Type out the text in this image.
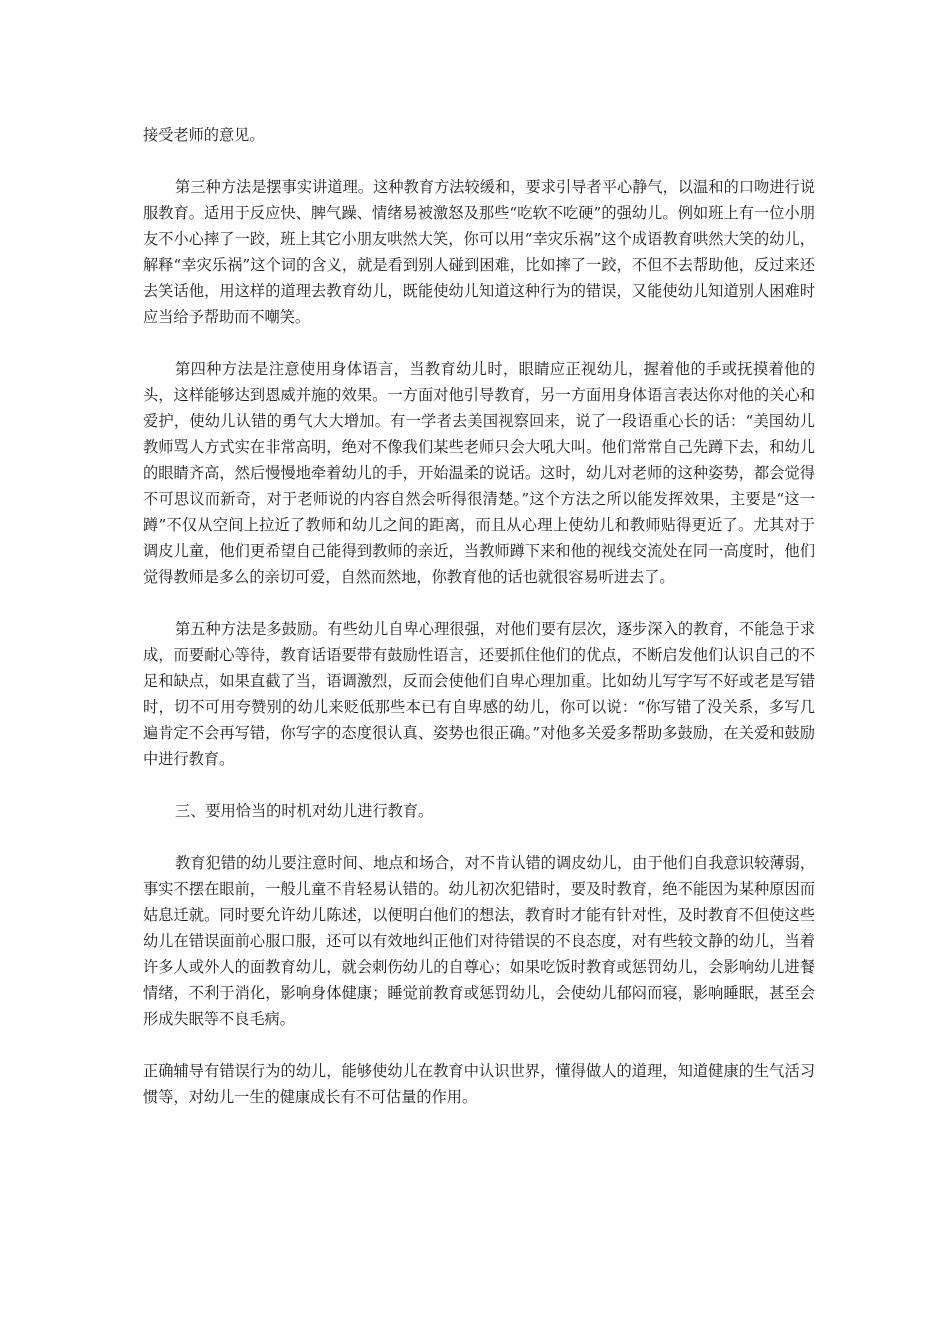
接受老师的意见。

第三种方法是摆事实讲道理。这种教育方法较缓和，要求引导者平心静气，以温和的口吻进行说服教育。适用于反应快、脾气躁、情绪易被激怒及那些“吃软不吃硬”的强幼儿。例如班上有一位小朋友不小心摔了一跤，班上其它小朋友哄然大笑，你可以用“幸灾乐祸”这个成语教育哄然大笑的幼儿，解释“幸灾乐祸”这个词的含义，就是看到别人碰到困难，比如摔了一跤，不但不去帮助他，反过来还去笑话他，用这样的道理去教育幼儿，既能使幼儿知道这种行为的错误，又能使幼儿知道别人困难时应当给予帮助而不嘲笑。

第四种方法是注意使用身体语言，当教育幼儿时，眼睛应正视幼儿，握着他的手或抚摸着他的头，这样能够达到恩威并施的效果。一方面对他引导教育，另一方面用身体语言表达你对他的关心和爱护，使幼儿认错的勇气大大增加。有一学者去美国视察回来，说了一段语重心长的话：“美国幼儿教师骂人方式实在非常高明，绝对不像我们某些老师只会大吼大叫。他们常常自己先蹲下去，和幼儿的眼睛齐高，然后慢慢地牵着幼儿的手，开始温柔的说话。这时，幼儿对老师的这种姿势，都会觉得不可思议而新奇，对于老师说的内容自然会听得很清楚。”这个方法之所以能发挥效果，主要是“这一蹲”不仅从空间上拉近了教师和幼儿之间的距离，而且从心理上使幼儿和教师贴得更近了。尤其对于调皮儿童，他们更希望自己能得到教师的亲近，当教师蹲下来和他的视线交流处在同一高度时，他们觉得教师是多么的亲切可爱，自然而然地，你教育他的话也就很容易听进去了。

第五种方法是多鼓励。有些幼儿自卑心理很强，对他们要有层次，逐步深入的教育，不能急于求成，而要耐心等待，教育话语要带有鼓励性语言，还要抓住他们的优点，不断启发他们认识自己的不足和缺点，如果直截了当，语调激烈，反而会使他们自卑心理加重。比如幼儿写字写不好或老是写错时，切不可用夸赞别的幼儿来贬低那些本已有自卑感的幼儿，你可以说：“你写错了没关系，多写几遍肯定不会再写错，你写字的态度很认真、姿势也很正确。”对他多关爱多帮助多鼓励，在关爱和鼓励中进行教育。

三、要用恰当的时机对幼儿进行教育。

教育犯错的幼儿要注意时间、地点和场合，对不肯认错的调皮幼儿，由于他们自我意识较薄弱，事实不摆在眼前，一般儿童不肯轻易认错的。幼儿初次犯错时，要及时教育，绝不能因为某种原因而姑息迁就。同时要允许幼儿陈述，以便明白他们的想法，教育时才能有针对性，及时教育不但使这些幼儿在错误面前心服口服，还可以有效地纠正他们对待错误的不良态度，对有些较文静的幼儿，当着许多人或外人的面教育幼儿，就会刺伤幼儿的自尊心；如果吃饭时教育或惩罚幼儿，会影响幼儿进餐情绪，不利于消化，影响身体健康；睡觉前教育或惩罚幼儿，会使幼儿郁闷而寝，影响睡眠，甚至会形成失眠等不良毛病。

正确辅导有错误行为的幼儿，能够使幼儿在教育中认识世界，懂得做人的道理，知道健康的生气活习惯等，对幼儿一生的健康成长有不可估量的作用。
